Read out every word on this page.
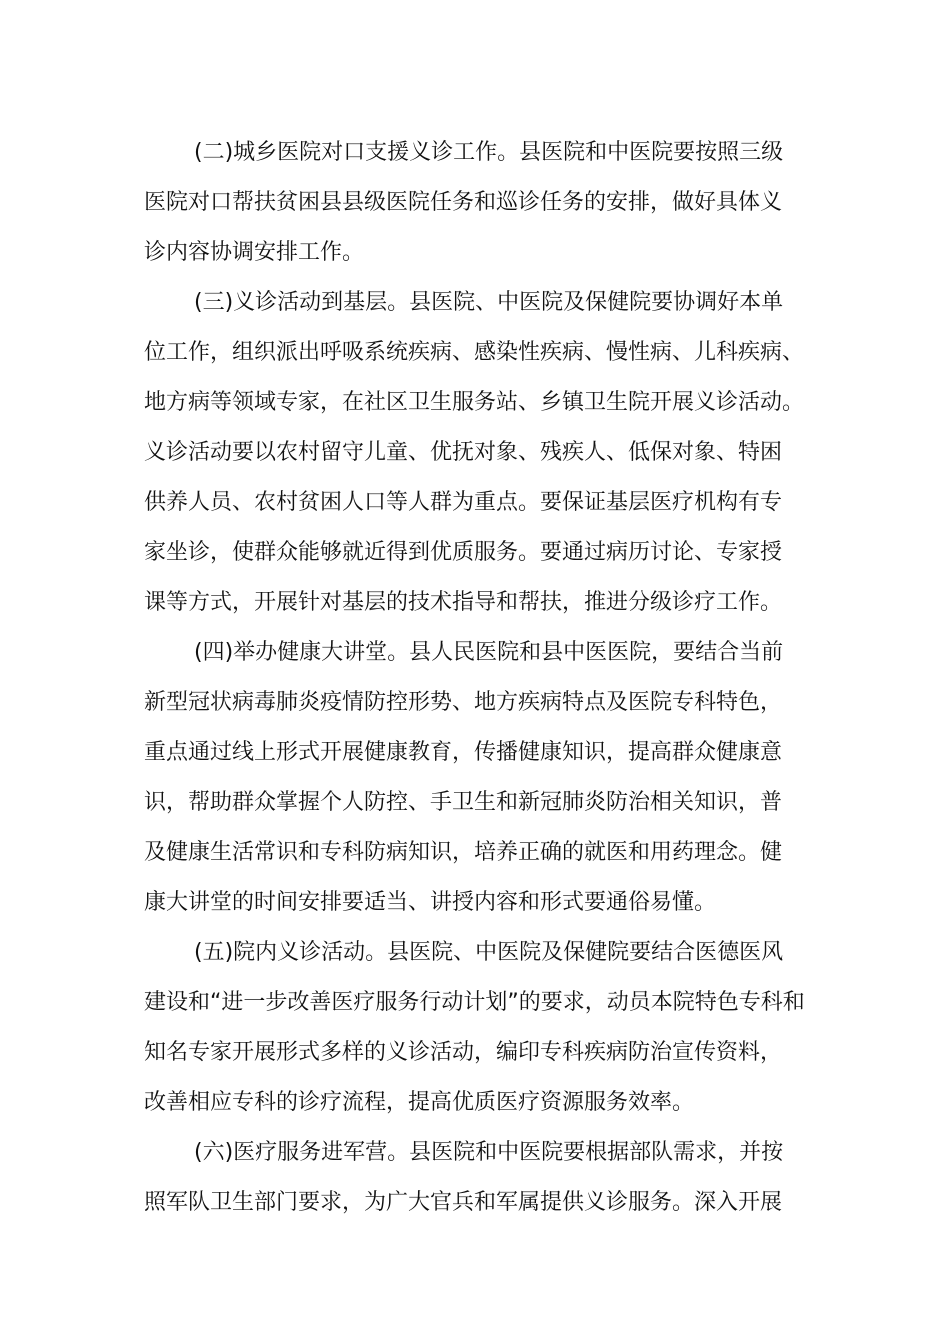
(二)城乡医院对口支援义诊工作。县医院和中医院要按照三级
医院对口帮扶贫困县县级医院任务和巡诊任务的安排，做好具体义
诊内容协调安排工作。
(三)义诊活动到基层。县医院、中医院及保健院要协调好本单
位工作，组织派出呼吸系统疾病、感染性疾病、慢性病、儿科疾病、
地方病等领域专家，在社区卫生服务站、乡镇卫生院开展义诊活动。
义诊活动要以农村留守儿童、优抚对象、残疾人、低保对象、特困
供养人员、农村贫困人口等人群为重点。要保证基层医疗机构有专
家坐诊，使群众能够就近得到优质服务。要通过病历讨论、专家授
课等方式，开展针对基层的技术指导和帮扶，推进分级诊疗工作。
(四)举办健康大讲堂。县人民医院和县中医医院，要结合当前
新型冠状病毒肺炎疫情防控形势、地方疾病特点及医院专科特色，
重点通过线上形式开展健康教育，传播健康知识，提高群众健康意
识，帮助群众掌握个人防控、手卫生和新冠肺炎防治相关知识，普
及健康生活常识和专科防病知识，培养正确的就医和用药理念。健
康大讲堂的时间安排要适当、讲授内容和形式要通俗易懂。
(五)院内义诊活动。县医院、中医院及保健院要结合医德医风
建设和“进一步改善医疗服务行动计划”的要求，动员本院特色专科和
知名专家开展形式多样的义诊活动，编印专科疾病防治宣传资料，
改善相应专科的诊疗流程，提高优质医疗资源服务效率。
(六)医疗服务进军营。县医院和中医院要根据部队需求，并按
照军队卫生部门要求，为广大官兵和军属提供义诊服务。深入开展
